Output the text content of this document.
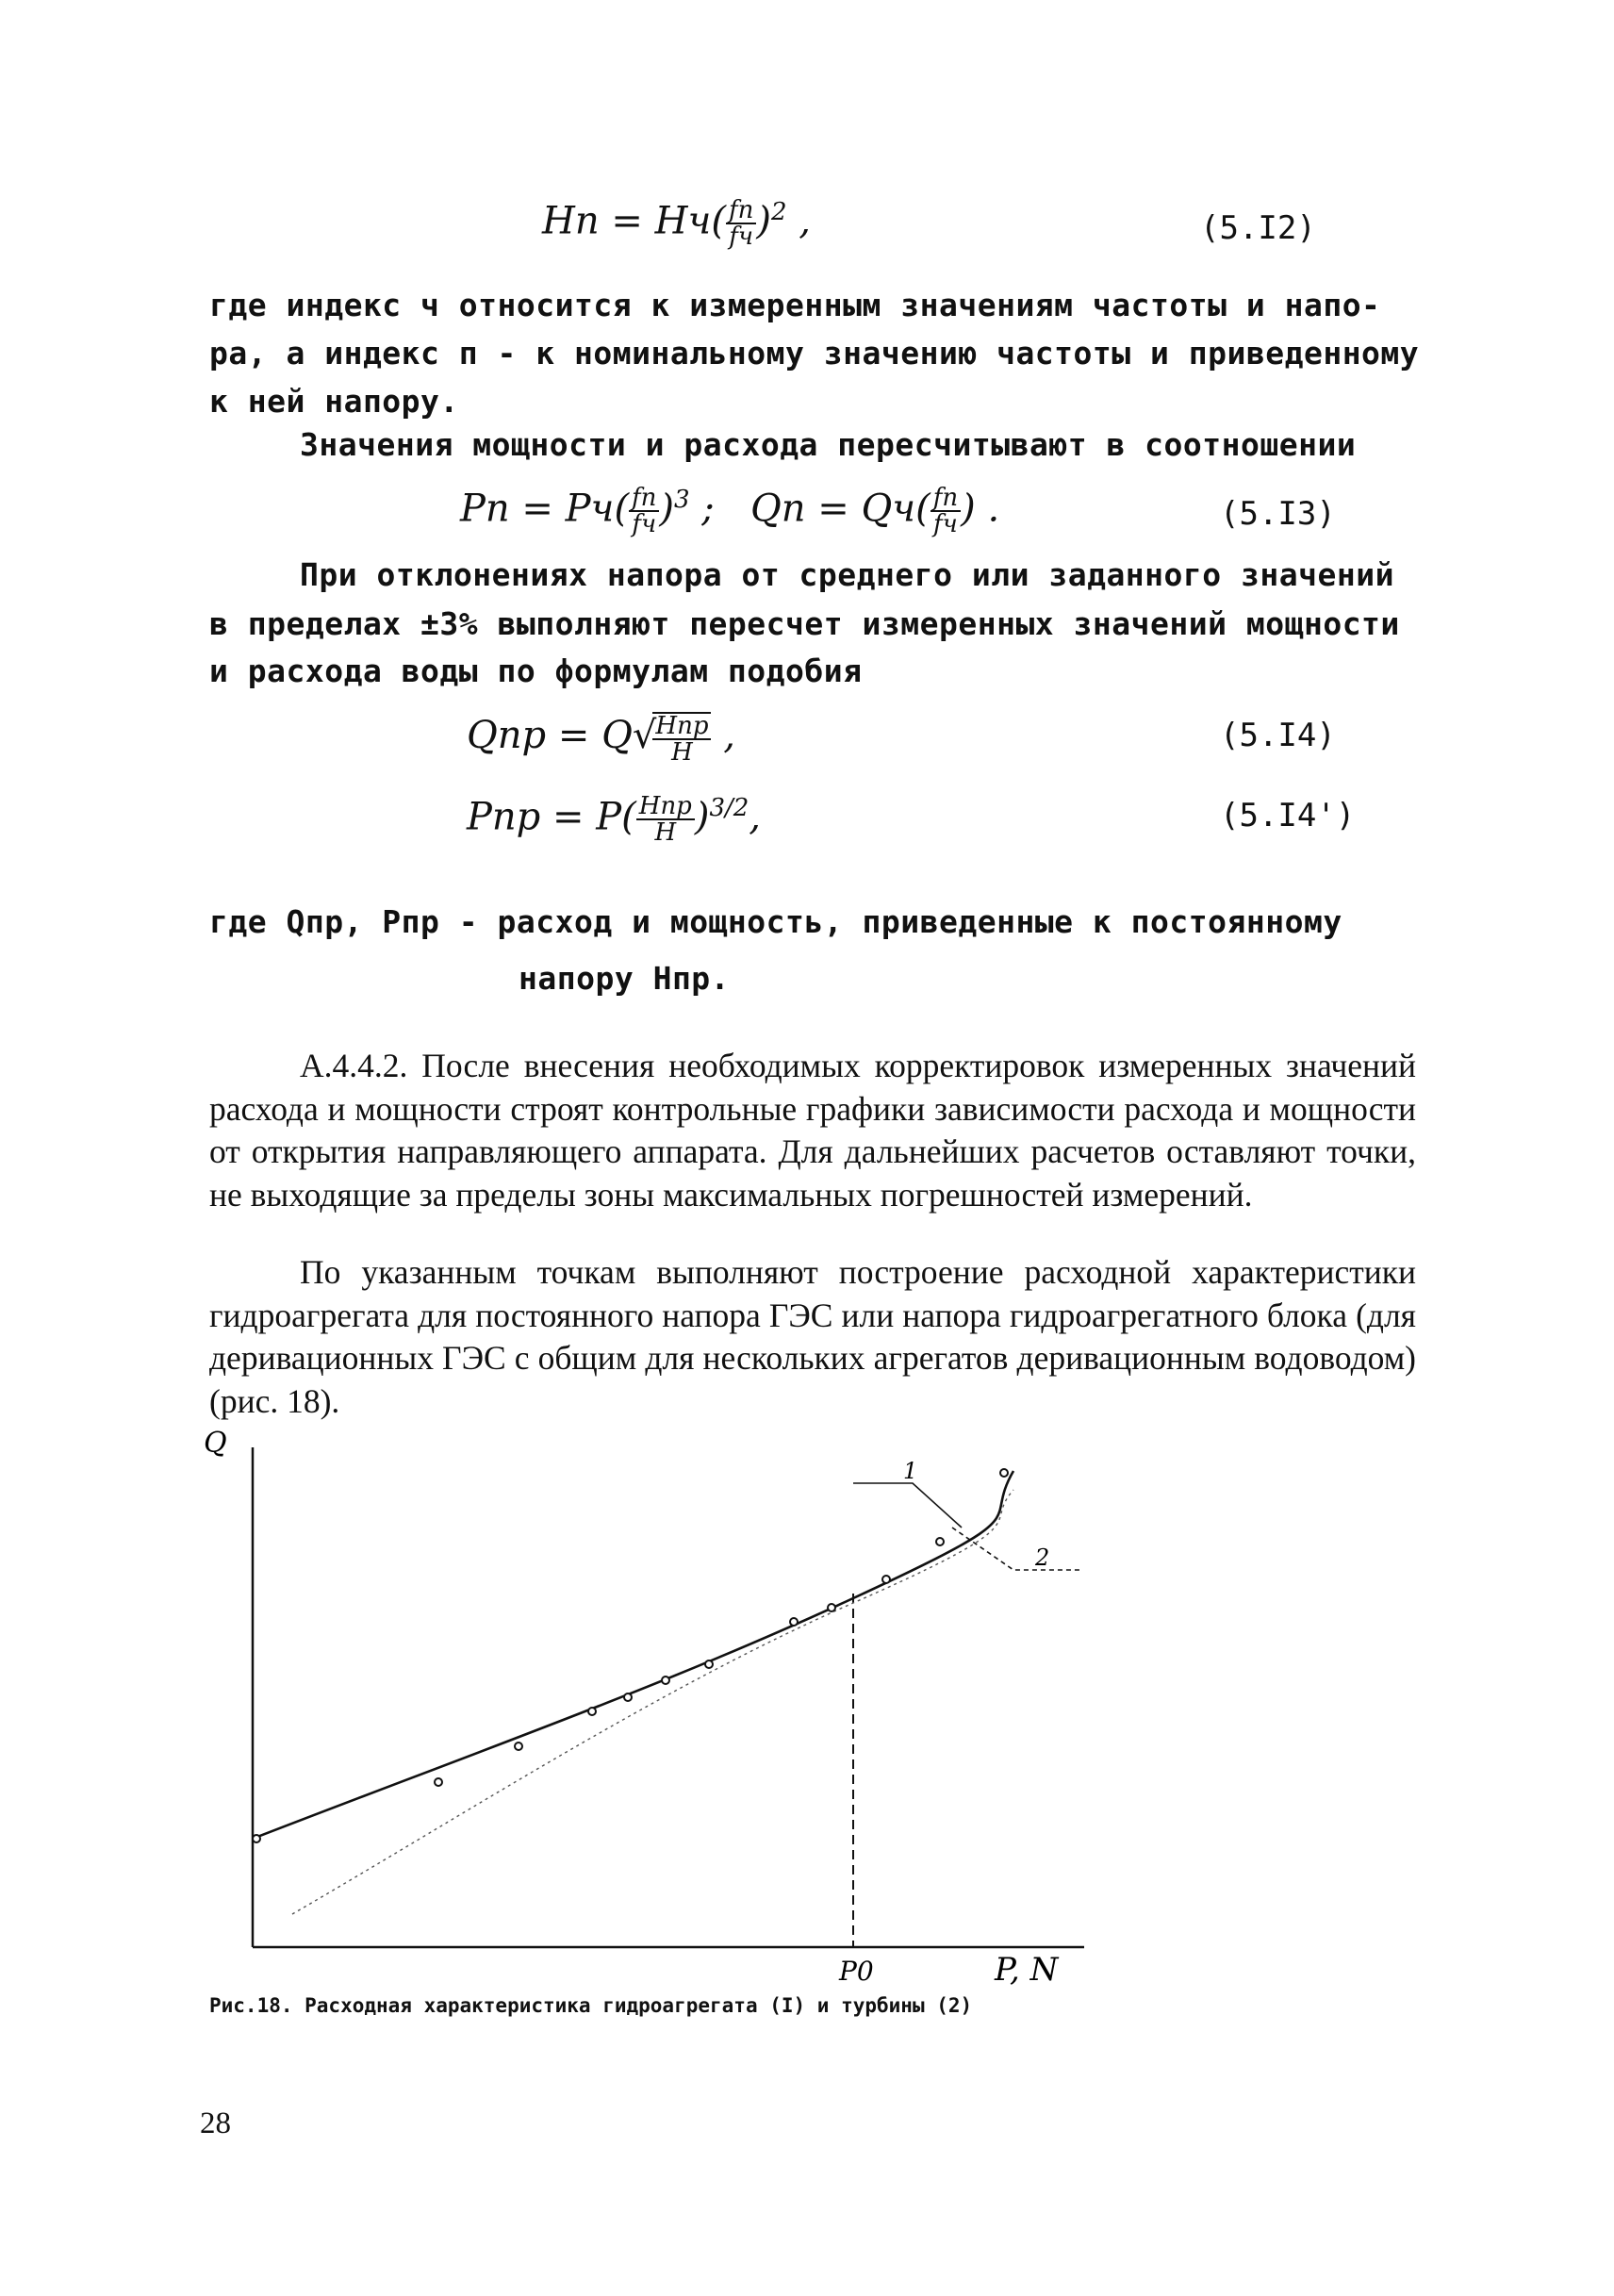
Hп = $Hч( \frac{fп}{fч} )^2$ ,	(5.I2)
где индекс ч относится к измеренным значениям частоты и напо-
ра, а индекс п - к номинальному значению частоты и приведенному
к ней напору.
Значения мощности и расхода пересчитывают в соотношении
Pп = $Pч( \frac{fп}{fч} )^3$ ; Qп = $Qч( \frac{fп}{fч}$ ) .	(5.I3)
При отклонениях напора от среднего или заданного значений
в пределах ±3% выполняют пересчет измеренных значений мощности
и расхода воды по формулам подобия
Qпр = Q√
$\frac{\text{Hпр}}{H}$ ,	(5.I4)
Pпр = $P( \frac{\text{Hпр}}{H} )^{3/2}$,	(5.I4')
где Qпр, Pпр - расход и мощность, приведенные к постоянному
напору Нпр.
А.4.4.2. После внесения необходимых корректировок измеренных значений расхода и мощности строят контрольные графики зависимости расхода и мощности от открытия направляющего аппарата. Для дальнейших расчетов оставляют точки, не выходящие за пределы зоны максимальных погрешностей измерений.
По указанным точкам выполняют построение расходной характеристики гидроагрегата для постоянного напора ГЭС или напора гидроагрегатного блока (для деривационных ГЭС с общим для нескольких агрегатов деривационным водоводом) (рис. 18).
Q
P, N
P0
1
2
Рис.18. Расходная характеристика гидроагрегата (I) и турбины (2)
28
